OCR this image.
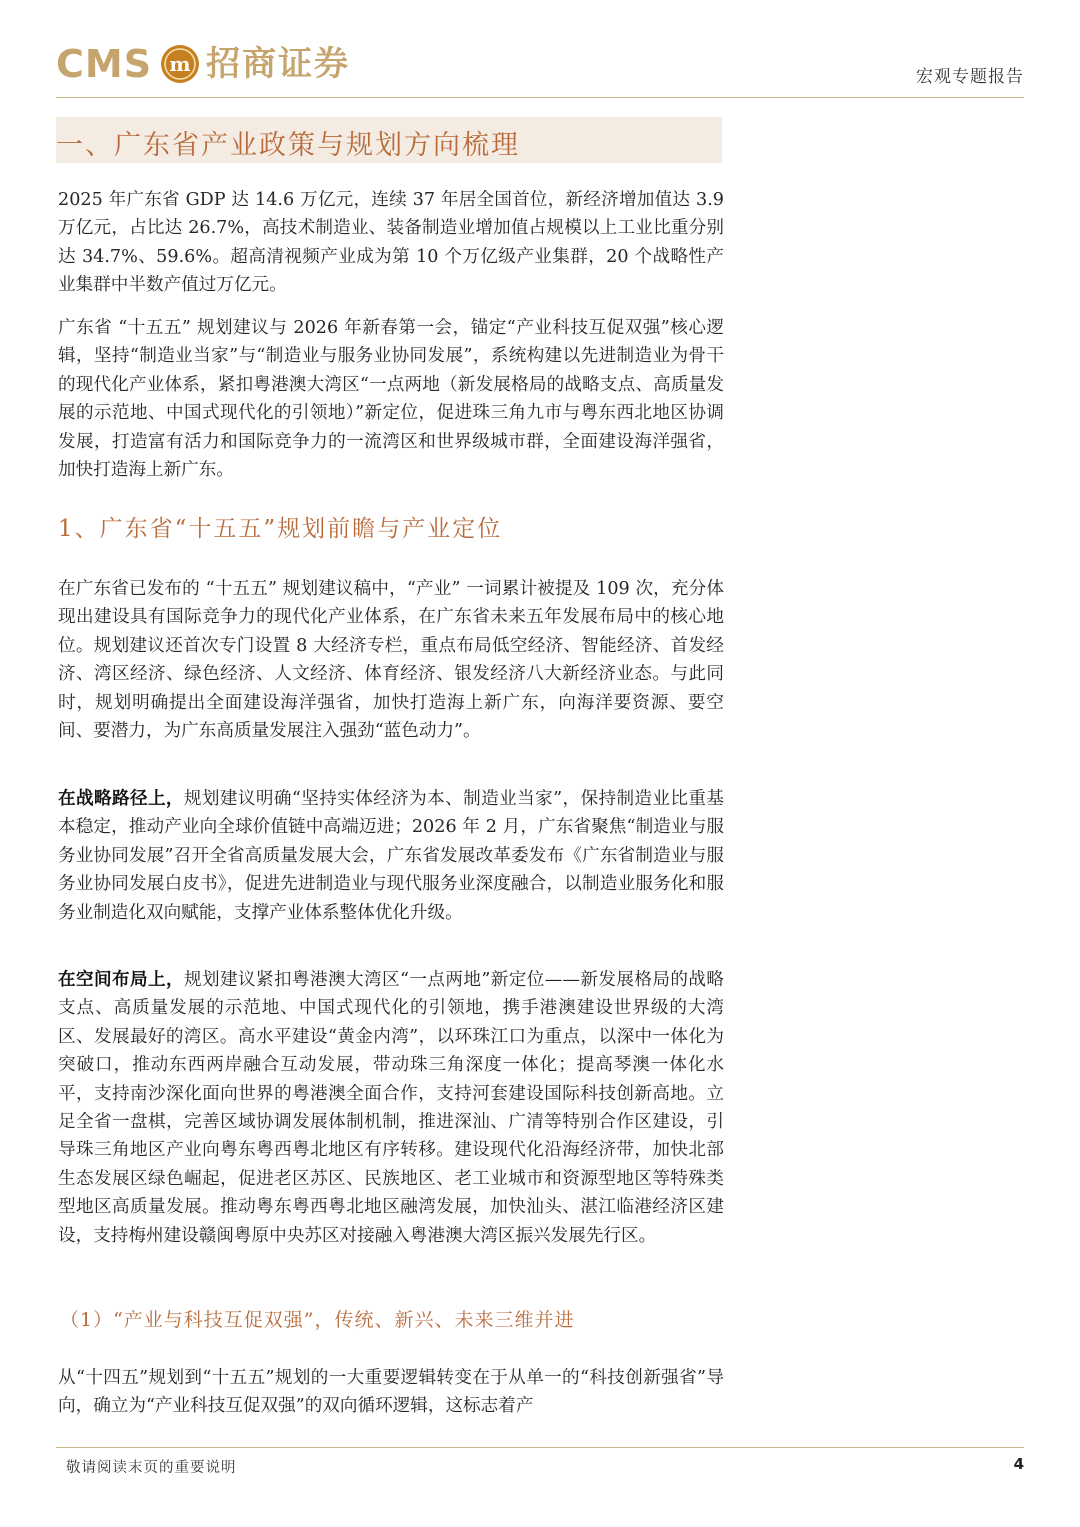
CMS m 招商证券	宏观专题报告
一、广东省产业政策与规划方向梳理
2025 年广东省 GDP 达 14.6 万亿元，连续 37 年居全国首位，新经济增加值达 3.9 万亿元，占比达 26.7%，高技术制造业、装备制造业增加值占规模以上工业比重分别达 34.7%、59.6%。超高清视频产业成为第 10 个万亿级产业集群，20 个战略性产业集群中半数产值过万亿元。
广东省 “十五五” 规划建议与 2026 年新春第一会，锚定“产业科技互促双强”核心逻辑，坚持“制造业当家”与“制造业与服务业协同发展”，系统构建以先进制造业为骨干的现代化产业体系，紧扣粤港澳大湾区“一点两地（新发展格局的战略支点、高质量发展的示范地、中国式现代化的引领地）”新定位，促进珠三角九市与粤东西北地区协调发展，打造富有活力和国际竞争力的一流湾区和世界级城市群，全面建设海洋强省，加快打造海上新广东。
1、广东省“十五五”规划前瞻与产业定位
在广东省已发布的 “十五五” 规划建议稿中，“产业” 一词累计被提及 109 次，充分体现出建设具有国际竞争力的现代化产业体系，在广东省未来五年发展布局中的核心地位。规划建议还首次专门设置 8 大经济专栏，重点布局低空经济、智能经济、首发经济、湾区经济、绿色经济、人文经济、体育经济、银发经济八大新经济业态。与此同时，规划明确提出全面建设海洋强省，加快打造海上新广东，向海洋要资源、要空间、要潜力，为广东高质量发展注入强劲“蓝色动力”。
在战略路径上，规划建议明确“坚持实体经济为本、制造业当家”，保持制造业比重基本稳定，推动产业向全球价值链中高端迈进；2026 年 2 月，广东省聚焦“制造业与服务业协同发展”召开全省高质量发展大会，广东省发展改革委发布《广东省制造业与服务业协同发展白皮书》，促进先进制造业与现代服务业深度融合，以制造业服务化和服务业制造化双向赋能，支撑产业体系整体优化升级。
在空间布局上，规划建议紧扣粤港澳大湾区“一点两地”新定位——新发展格局的战略支点、高质量发展的示范地、中国式现代化的引领地，携手港澳建设世界级的大湾区、发展最好的湾区。高水平建设“黄金内湾”，以环珠江口为重点，以深中一体化为突破口，推动东西两岸融合互动发展，带动珠三角深度一体化；提高琴澳一体化水平，支持南沙深化面向世界的粤港澳全面合作，支持河套建设国际科技创新高地。立足全省一盘棋，完善区域协调发展体制机制，推进深汕、广清等特别合作区建设，引导珠三角地区产业向粤东粤西粤北地区有序转移。建设现代化沿海经济带，加快北部生态发展区绿色崛起，促进老区苏区、民族地区、老工业城市和资源型地区等特殊类型地区高质量发展。推动粤东粤西粤北地区融湾发展，加快汕头、湛江临港经济区建设，支持梅州建设赣闽粤原中央苏区对接融入粤港澳大湾区振兴发展先行区。
（1）“产业与科技互促双强”，传统、新兴、未来三维并进
从“十四五”规划到“十五五”规划的一大重要逻辑转变在于从单一的“科技创新强省”导向，确立为“产业科技互促双强”的双向循环逻辑，这标志着产
敬请阅读末页的重要说明	4
